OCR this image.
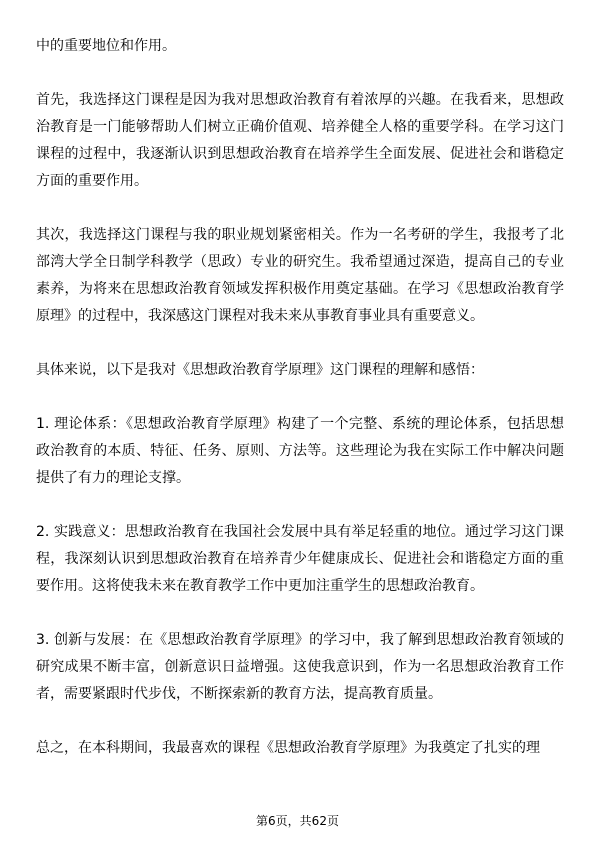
中的重要地位和作用。

首先，我选择这门课程是因为我对思想政治教育有着浓厚的兴趣。在我看来，思想政治教育是一门能够帮助人们树立正确价值观、培养健全人格的重要学科。在学习这门课程的过程中，我逐渐认识到思想政治教育在培养学生全面发展、促进社会和谐稳定方面的重要作用。

其次，我选择这门课程与我的职业规划紧密相关。作为一名考研的学生，我报考了北部湾大学全日制学科教学（思政）专业的研究生。我希望通过深造，提高自己的专业素养，为将来在思想政治教育领域发挥积极作用奠定基础。在学习《思想政治教育学原理》的过程中，我深感这门课程对我未来从事教育事业具有重要意义。

具体来说，以下是我对《思想政治教育学原理》这门课程的理解和感悟：

1. 理论体系：《思想政治教育学原理》构建了一个完整、系统的理论体系，包括思想政治教育的本质、特征、任务、原则、方法等。这些理论为我在实际工作中解决问题提供了有力的理论支撑。

2. 实践意义：思想政治教育在我国社会发展中具有举足轻重的地位。通过学习这门课程，我深刻认识到思想政治教育在培养青少年健康成长、促进社会和谐稳定方面的重要作用。这将使我未来在教育教学工作中更加注重学生的思想政治教育。

3. 创新与发展：在《思想政治教育学原理》的学习中，我了解到思想政治教育领域的研究成果不断丰富，创新意识日益增强。这使我意识到，作为一名思想政治教育工作者，需要紧跟时代步伐，不断探索新的教育方法，提高教育质量。

总之，在本科期间，我最喜欢的课程《思想政治教育学原理》为我奠定了扎实的理

第6页，共62页
